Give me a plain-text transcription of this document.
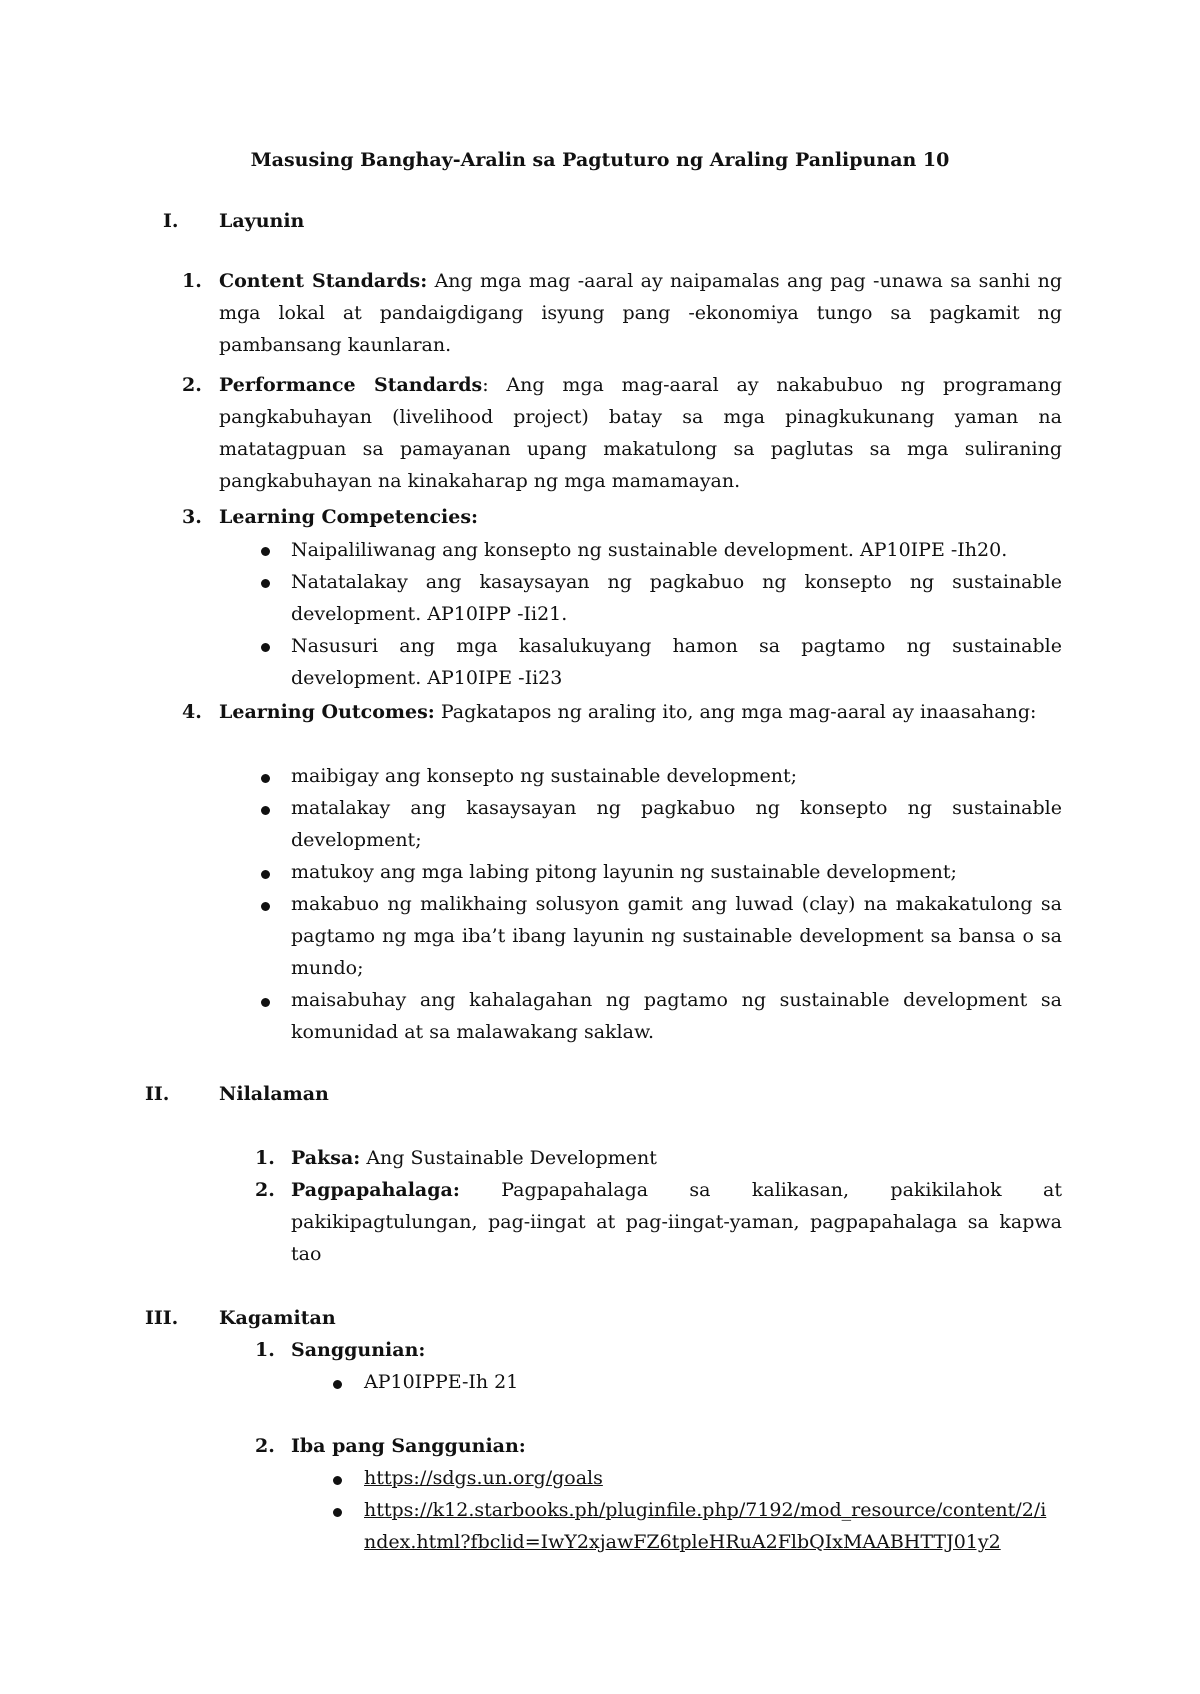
Masusing Banghay-Aralin sa Pagtuturo ng Araling Panlipunan 10
I. Layunin
1. Content Standards: Ang mga mag -aaral ay naipamalas ang pag -unawa sa sanhi ng mga lokal at pandaigdigang isyung pang -ekonomiya tungo sa pagkamit ng pambansang kaunlaran.
2. Performance Standards: Ang mga mag-aaral ay nakabubuo ng programang pangkabuhayan (livelihood project) batay sa mga pinagkukunang yaman na matatagpuan sa pamayanan upang makatulong sa paglutas sa mga suliraning pangkabuhayan na kinakaharap ng mga mamamayan.
3. Learning Competencies:
Naipaliliwanag ang konsepto ng sustainable development. AP10IPE -Ih20.
Natatalakay ang kasaysayan ng pagkabuo ng konsepto ng sustainable development. AP10IPP -Ii21.
Nasusuri ang mga kasalukuyang hamon sa pagtamo ng sustainable development. AP10IPE -Ii23
4. Learning Outcomes: Pagkatapos ng araling ito, ang mga mag-aaral ay inaasahang:
maibigay ang konsepto ng sustainable development;
matalakay ang kasaysayan ng pagkabuo ng konsepto ng sustainable development;
matukoy ang mga labing pitong layunin ng sustainable development;
makabuo ng malikhaing solusyon gamit ang luwad (clay) na makakatulong sa pagtamo ng mga iba’t ibang layunin ng sustainable development sa bansa o sa mundo;
maisabuhay ang kahalagahan ng pagtamo ng sustainable development sa komunidad at sa malawakang saklaw.
II.	Nilalaman
1. Paksa: Ang Sustainable Development
2. Pagpapahalaga: Pagpapahalaga sa kalikasan, pakikilahok at pakikipagtulungan, pag-iingat at pag-iingat-yaman, pagpapahalaga sa kapwa tao
III. Kagamitan
1. Sanggunian:
AP10IPPE-Ih 21
2. Iba pang Sanggunian:
https://sdgs.un.org/goals
https://k12.starbooks.ph/pluginfile.php/7192/mod_resource/content/2/index.html?fbclid=IwY2xjawFZ6tpleHRuA2FlbQIxMAABHTTJ01y2
